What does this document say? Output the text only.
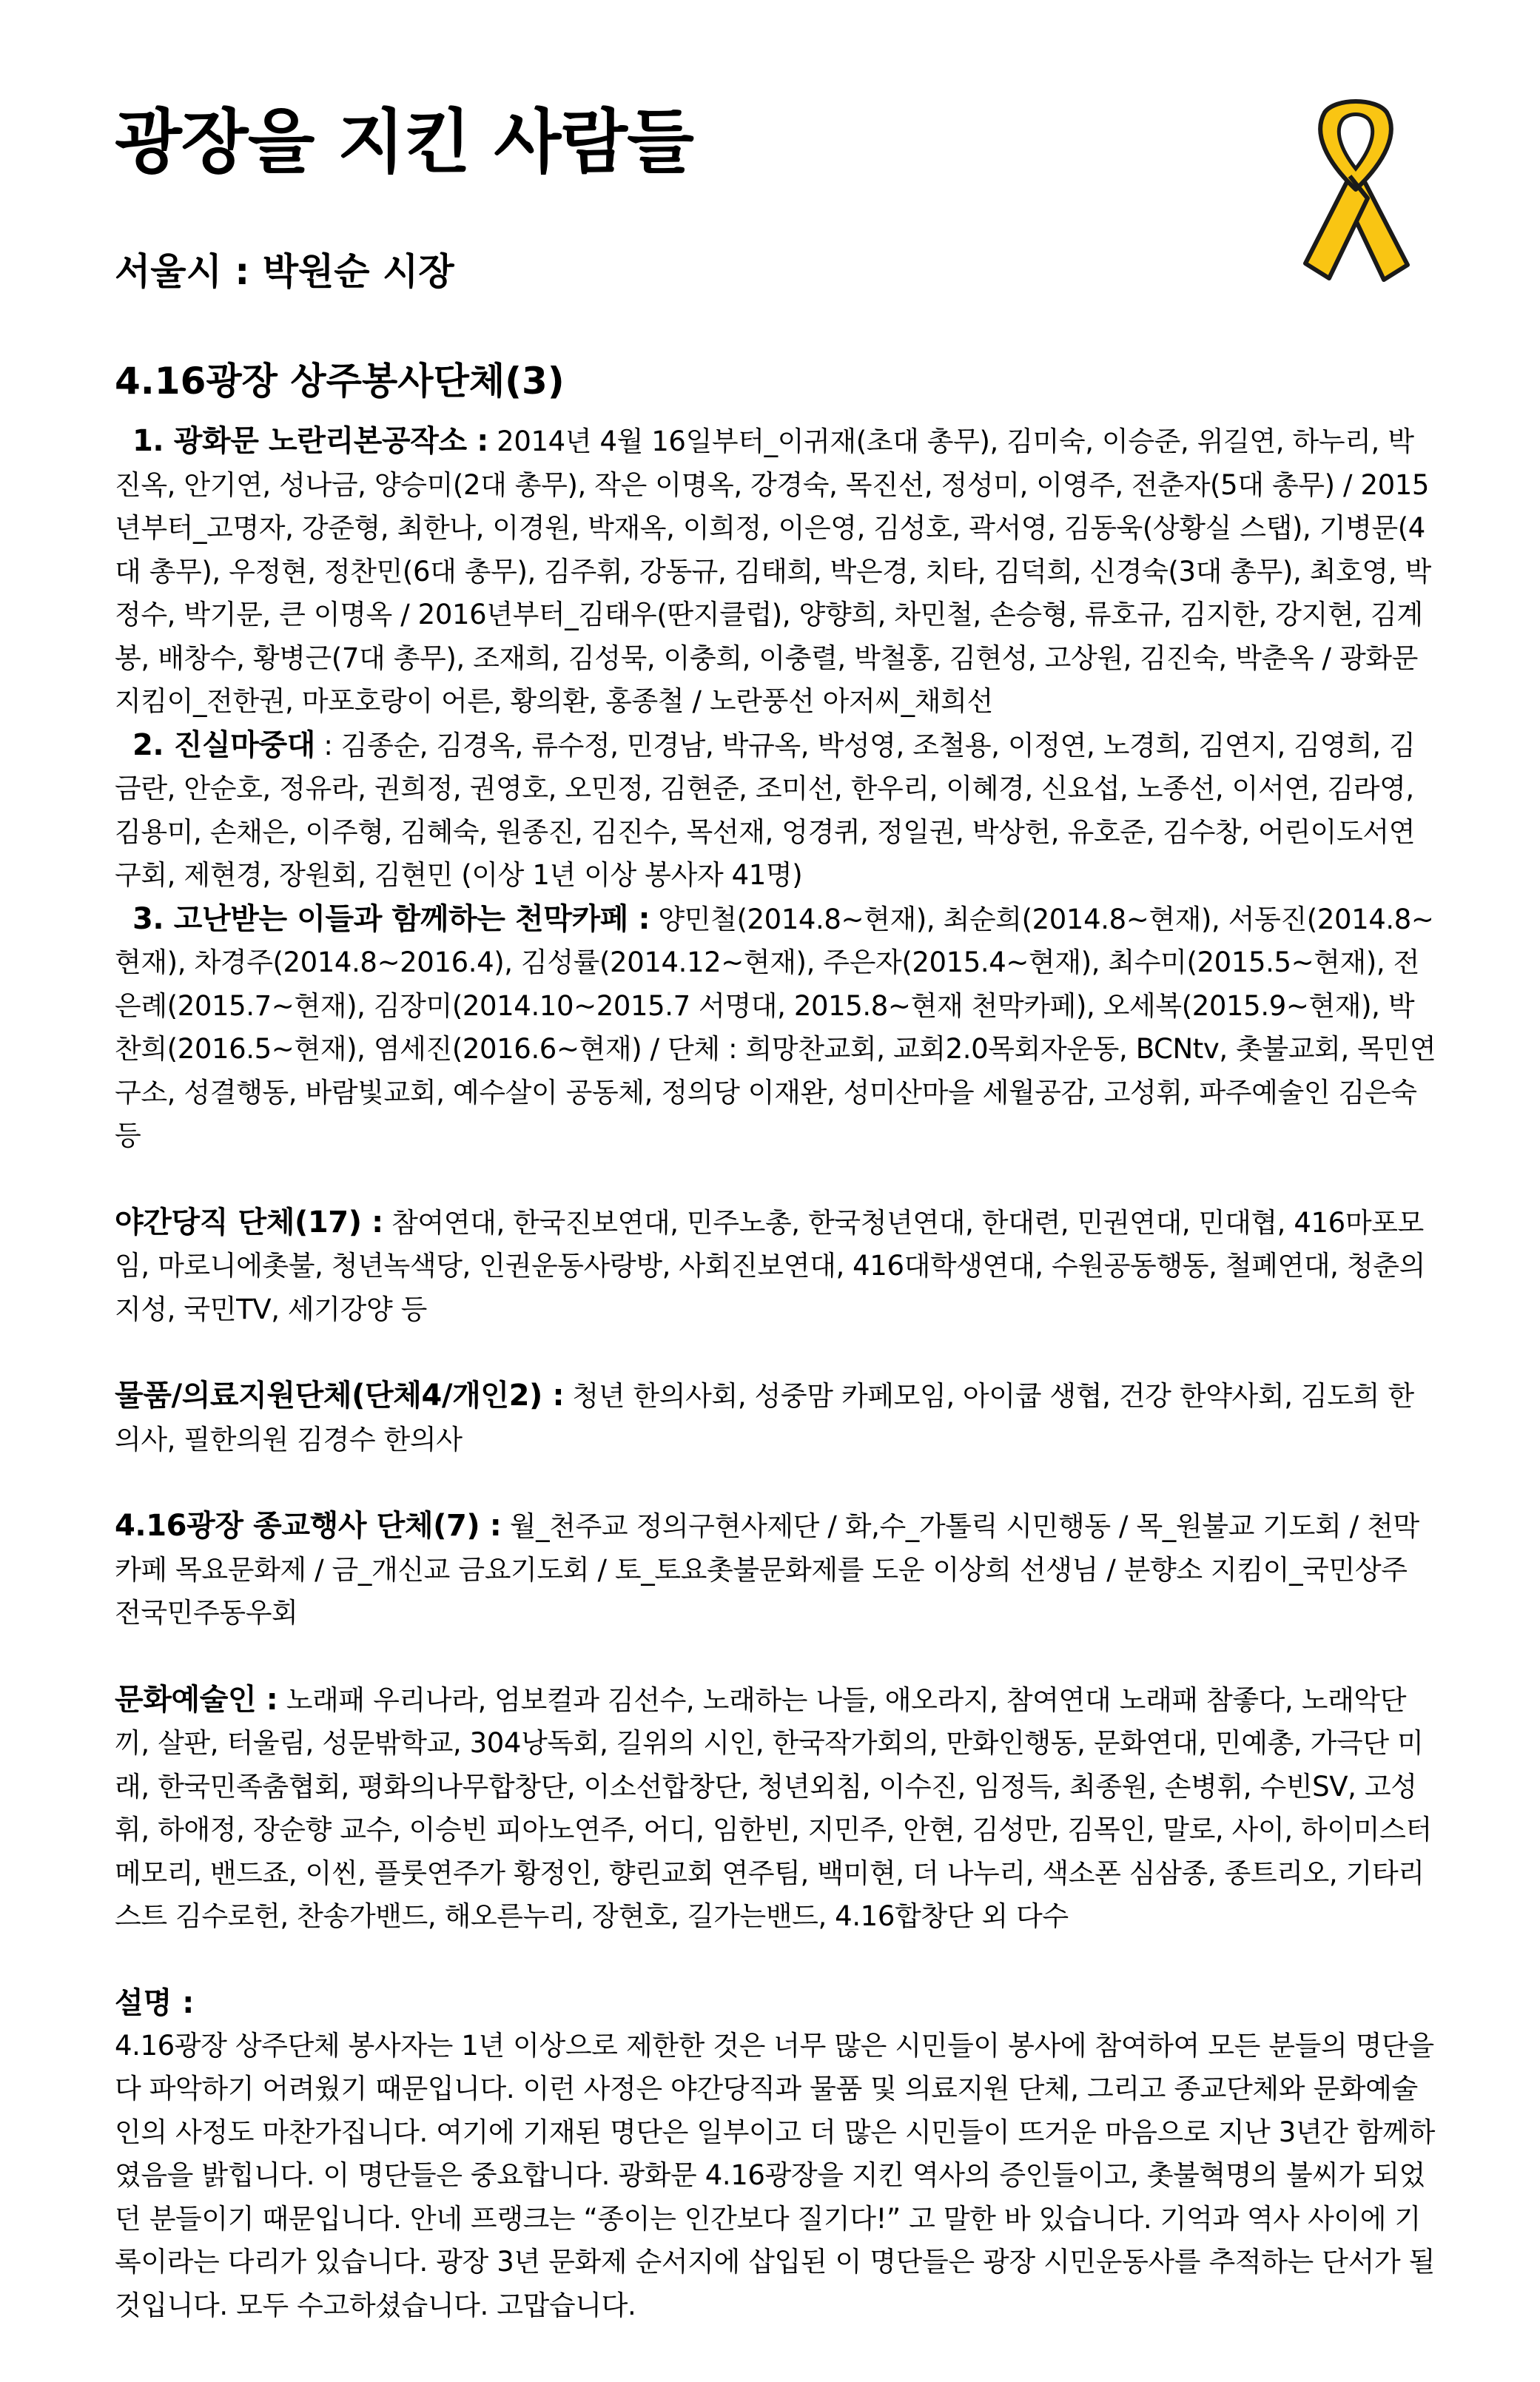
광장을 지킨 사람들
서울시 : 박원순 시장
4.16광장 상주봉사단체(3)

1. 광화문 노란리본공작소 : 2014년 4월 16일부터_이귀재(초대 총무), 김미숙, 이승준, 위길연, 하누리, 박진옥, 안기연, 성나금, 양승미(2대 총무), 작은 이명옥, 강경숙, 목진선, 정성미, 이영주, 전춘자(5대 총무) / 2015년부터_고명자, 강준형, 최한나, 이경원, 박재옥, 이희정, 이은영, 김성호, 곽서영, 김동욱(상황실 스탭), 기병문(4대 총무), 우정현, 정찬민(6대 총무), 김주휘, 강동규, 김태희, 박은경, 치타, 김덕희, 신경숙(3대 총무), 최호영, 박정수, 박기문, 큰 이명옥 / 2016년부터_김태우(딴지클럽), 양향희, 차민철, 손승형, 류호규, 김지한, 강지현, 김계봉, 배창수, 황병근(7대 총무), 조재희, 김성묵, 이충희, 이충렬, 박철홍, 김현성, 고상원, 김진숙, 박춘옥 / 광화문지킴이_전한권, 마포호랑이 어른, 황의환, 홍종철 / 노란풍선 아저씨_채희선

2. 진실마중대 : 김종순, 김경옥, 류수정, 민경남, 박규옥, 박성영, 조철용, 이정연, 노경희, 김연지, 김영희, 김금란, 안순호, 정유라, 권희정, 권영호, 오민정, 김현준, 조미선, 한우리, 이혜경, 신요섭, 노종선, 이서연, 김라영, 김용미, 손채은, 이주형, 김혜숙, 원종진, 김진수, 목선재, 엉경퀴, 정일권, 박상헌, 유호준, 김수창, 어린이도서연구회, 제현경, 장원회, 김현민 (이상 1년 이상 봉사자 41명)

3. 고난받는 이들과 함께하는 천막카페 : 양민철(2014.8~현재), 최순희(2014.8~현재), 서동진(2014.8~현재), 차경주(2014.8~2016.4), 김성률(2014.12~현재), 주은자(2015.4~현재), 최수미(2015.5~현재), 전은례(2015.7~현재), 김장미(2014.10~2015.7 서명대, 2015.8~현재 천막카페), 오세복(2015.9~현재), 박찬희(2016.5~현재), 염세진(2016.6~현재) / 단체 : 희망찬교회, 교회2.0목회자운동, BCNtv, 촛불교회, 목민연구소, 성결행동, 바람빛교회, 예수살이 공동체, 정의당 이재완, 성미산마을 세월공감, 고성휘, 파주예술인 김은숙 등

야간당직 단체(17) : 참여연대, 한국진보연대, 민주노총, 한국청년연대, 한대련, 민권연대, 민대협, 416마포모임, 마로니에촛불, 청년녹색당, 인권운동사랑방, 사회진보연대, 416대학생연대, 수원공동행동, 철폐연대, 청춘의지성, 국민TV, 세기강양 등

물품/의료지원단체(단체4/개인2) : 청년 한의사회, 성중맘 카페모임, 아이쿱 생협, 건강 한약사회, 김도희 한의사, 필한의원 김경수 한의사

4.16광장 종교행사 단체(7) : 월_천주교 정의구현사제단 / 화,수_가톨릭 시민행동 / 목_원불교 기도회 / 천막카페 목요문화제 / 금_개신교 금요기도회 / 토_토요촛불문화제를 도운 이상희 선생님 / 분향소 지킴이_국민상주 전국민주동우회

문화예술인 : 노래패 우리나라, 엄보컬과 김선수, 노래하는 나들, 애오라지, 참여연대 노래패 참좋다, 노래악단 끼, 살판, 터울림, 성문밖학교, 304낭독회, 길위의 시인, 한국작가회의, 만화인행동, 문화연대, 민예총, 가극단 미래, 한국민족춤협회, 평화의나무합창단, 이소선합창단, 청년외침, 이수진, 임정득, 최종원, 손병휘, 수빈SV, 고성휘, 하애정, 장순향 교수, 이승빈 피아노연주, 어디, 임한빈, 지민주, 안현, 김성만, 김목인, 말로, 사이, 하이미스터메모리, 밴드죠, 이씬, 플룻연주가 황정인, 향린교회 연주팀, 백미현, 더 나누리, 색소폰 심삼종, 종트리오, 기타리스트 김수로헌, 찬송가밴드, 해오른누리, 장현호, 길가는밴드, 4.16합창단 외 다수

설명 :

4.16광장 상주단체 봉사자는 1년 이상으로 제한한 것은 너무 많은 시민들이 봉사에 참여하여 모든 분들의 명단을 다 파악하기 어려웠기 때문입니다. 이런 사정은 야간당직과 물품 및 의료지원 단체, 그리고 종교단체와 문화예술인의 사정도 마찬가집니다. 여기에 기재된 명단은 일부이고 더 많은 시민들이 뜨거운 마음으로 지난 3년간 함께하였음을 밝힙니다. 이 명단들은 중요합니다. 광화문 4.16광장을 지킨 역사의 증인들이고, 촛불혁명의 불씨가 되었던 분들이기 때문입니다. 안네 프랭크는 “종이는 인간보다 질기다!” 고 말한 바 있습니다. 기억과 역사 사이에 기록이라는 다리가 있습니다. 광장 3년 문화제 순서지에 삽입된 이 명단들은 광장 시민운동사를 추적하는 단서가 될 것입니다. 모두 수고하셨습니다. 고맙습니다.
